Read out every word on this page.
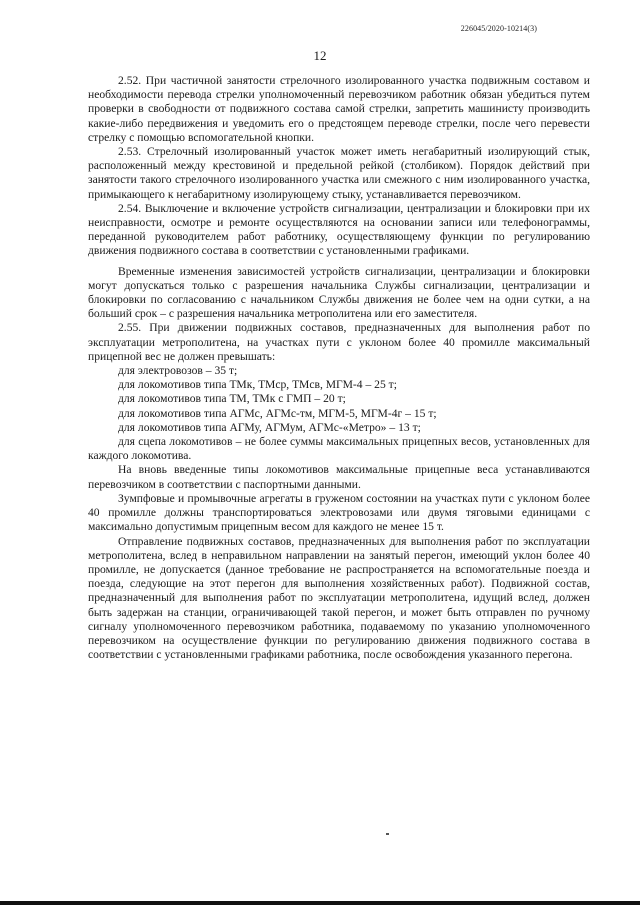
226045/2020-10214(3)
12

2.52. При частичной занятости стрелочного изолированного участка подвижным составом и необходимости перевода стрелки уполномоченный перевозчиком работник обязан убедиться путем проверки в свободности от подвижного состава самой стрелки, запретить машинисту производить какие-либо передвижения и уведомить его о предстоящем переводе стрелки, после чего перевести стрелку с помощью вспомогательной кнопки.

2.53. Стрелочный изолированный участок может иметь негабаритный изолирующий стык, расположенный между крестовиной и предельной рейкой (столбиком). Порядок действий при занятости такого стрелочного изолированного участка или смежного с ним изолированного участка, примыкающего к негабаритному изолирующему стыку, устанавливается перевозчиком.

2.54. Выключение и включение устройств сигнализации, централизации и блокировки при их неисправности, осмотре и ремонте осуществляются на основании записи или телефонограммы, переданной руководителем работ работнику, осуществляющему функции по регулированию движения подвижного состава в соответствии с установленными графиками.

Временные изменения зависимостей устройств сигнализации, централизации и блокировки могут допускаться только с разрешения начальника Службы сигнализации, централизации и блокировки по согласованию с начальником Службы движения не более чем на одни сутки, а на больший срок – с разрешения начальника метрополитена или его заместителя.

2.55. При движении подвижных составов, предназначенных для выполнения работ по эксплуатации метрополитена, на участках пути с уклоном более 40 промилле максимальный прицепной вес не должен превышать:

для электровозов – 35 т;

для локомотивов типа ТМк, ТМср, ТМсв, МГМ-4 – 25 т;

для локомотивов типа ТМ, ТМк с ГМП – 20 т;

для локомотивов типа АГМс, АГМс-тм, МГМ-5, МГМ-4г – 15 т;

для локомотивов типа АГМу, АГМум, АГМс-«Метро» – 13 т;

для сцепа локомотивов – не более суммы максимальных прицепных весов, установленных для каждого локомотива.

На вновь введенные типы локомотивов максимальные прицепные веса устанавливаются перевозчиком в соответствии с паспортными данными.

Зумпфовые и промывочные агрегаты в груженом состоянии на участках пути с уклоном более 40 промилле должны транспортироваться электровозами или двумя тяговыми единицами с максимально допустимым прицепным весом для каждого не менее 15 т.

Отправление подвижных составов, предназначенных для выполнения работ по эксплуатации метрополитена, вслед в неправильном направлении на занятый перегон, имеющий уклон более 40 промилле, не допускается (данное требование не распространяется на вспомогательные поезда и поезда, следующие на этот перегон для выполнения хозяйственных работ). Подвижной состав, предназначенный для выполнения работ по эксплуатации метрополитена, идущий вслед, должен быть задержан на станции, ограничивающей такой перегон, и может быть отправлен по ручному сигналу уполномоченного перевозчиком работника, подаваемому по указанию уполномоченного перевозчиком на осуществление функции по регулированию движения подвижного состава в соответствии с установленными графиками работника, после освобождения указанного перегона.
